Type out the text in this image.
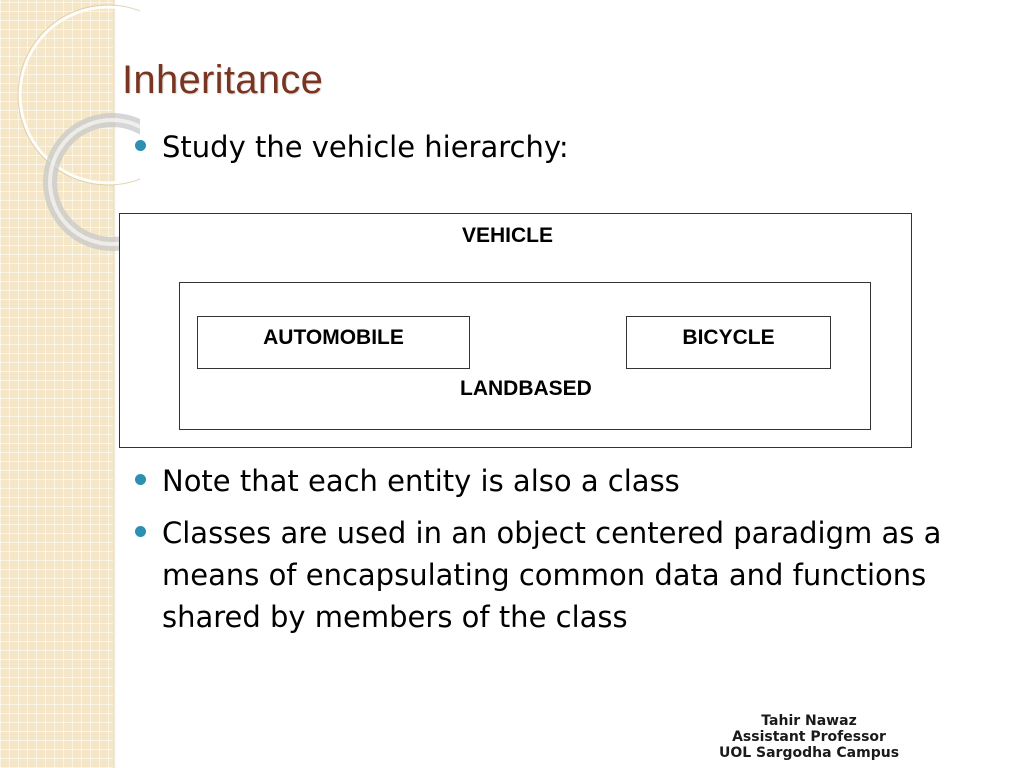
Inheritance
Study the vehicle hierarchy:
VEHICLE
AUTOMOBILE	BICYCLE
LANDBASED
Note that each entity is also a class
Classes are used in an object centered paradigm as a means of encapsulating common data and functions shared by members of the class
Tahir Nawaz
Assistant Professor
UOL Sargodha Campus
